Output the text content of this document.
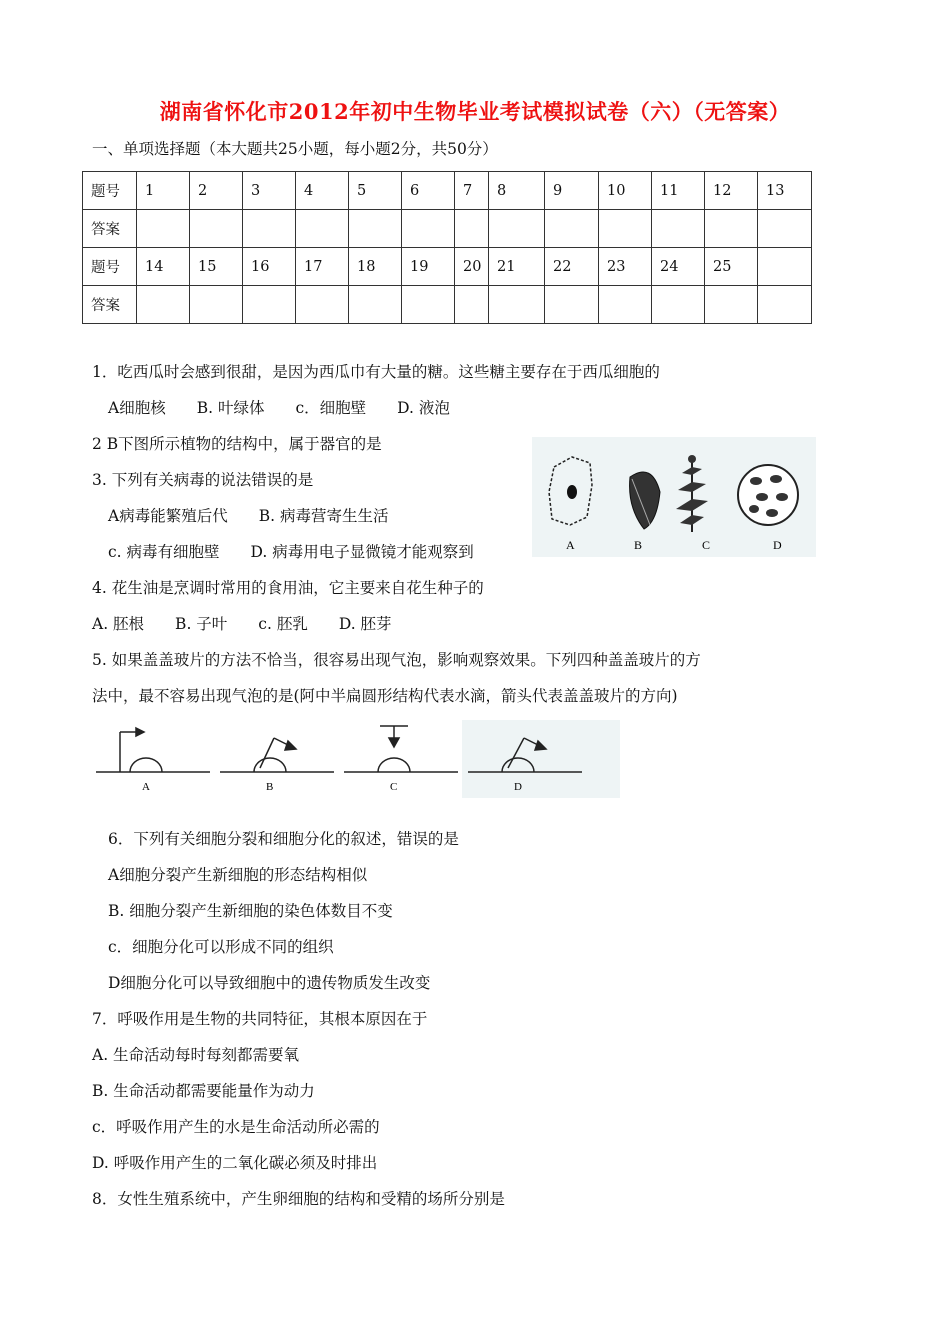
湖南省怀化市2012年初中生物毕业考试模拟试卷（六）（无答案）
一、单项选择题（本大题共25小题，每小题2分，共50分）
题号	1	2	3	4	5	6	7	8	9	10	11	12	13
答案													
题号	14	15	16	17	18	19	20	21	22	23	24	25	
答案													
1．吃西瓜时会感到很甜，是因为西瓜巾有大量的糖。这些糖主要存在于西瓜细胞的
A细胞核　　B. 叶绿体　　c．细胞壁　　D. 液泡
2 B下图所示植物的结构中，属于器官的是
3. 下列有关病毒的说法错误的是
A病毒能繁殖后代　　B. 病毒营寄生生活
c. 病毒有细胞壁　　D. 病毒用电子显微镜才能观察到	A	B	C	D
4. 花生油是烹调时常用的食用油，它主要来自花生种子的
A. 胚根　　B. 子叶　　c. 胚乳　　D. 胚芽
5. 如果盖盖玻片的方法不恰当，很容易出现气泡，影响观察效果。下列四种盖盖玻片的方
法中，最不容易出现气泡的是(阿中半扁圆形结构代表水滴，箭头代表盖盖玻片的方向)
A	B	C	D
6．下列有关细胞分裂和细胞分化的叙述，错误的是
A细胞分裂产生新细胞的形态结构相似
B. 细胞分裂产生新细胞的染色体数目不变
c．细胞分化可以形成不同的组织
D细胞分化可以导致细胞中的遗传物质发生改变
7．呼吸作用是生物的共同特征，其根本原因在于
A. 生命活动每时每刻都需要氧
B. 生命活动都需要能量作为动力
c．呼吸作用产生的水是生命活动所必需的
D. 呼吸作用产生的二氧化碳必须及时排出
8．女性生殖系统中，产生卵细胞的结构和受精的场所分别是
